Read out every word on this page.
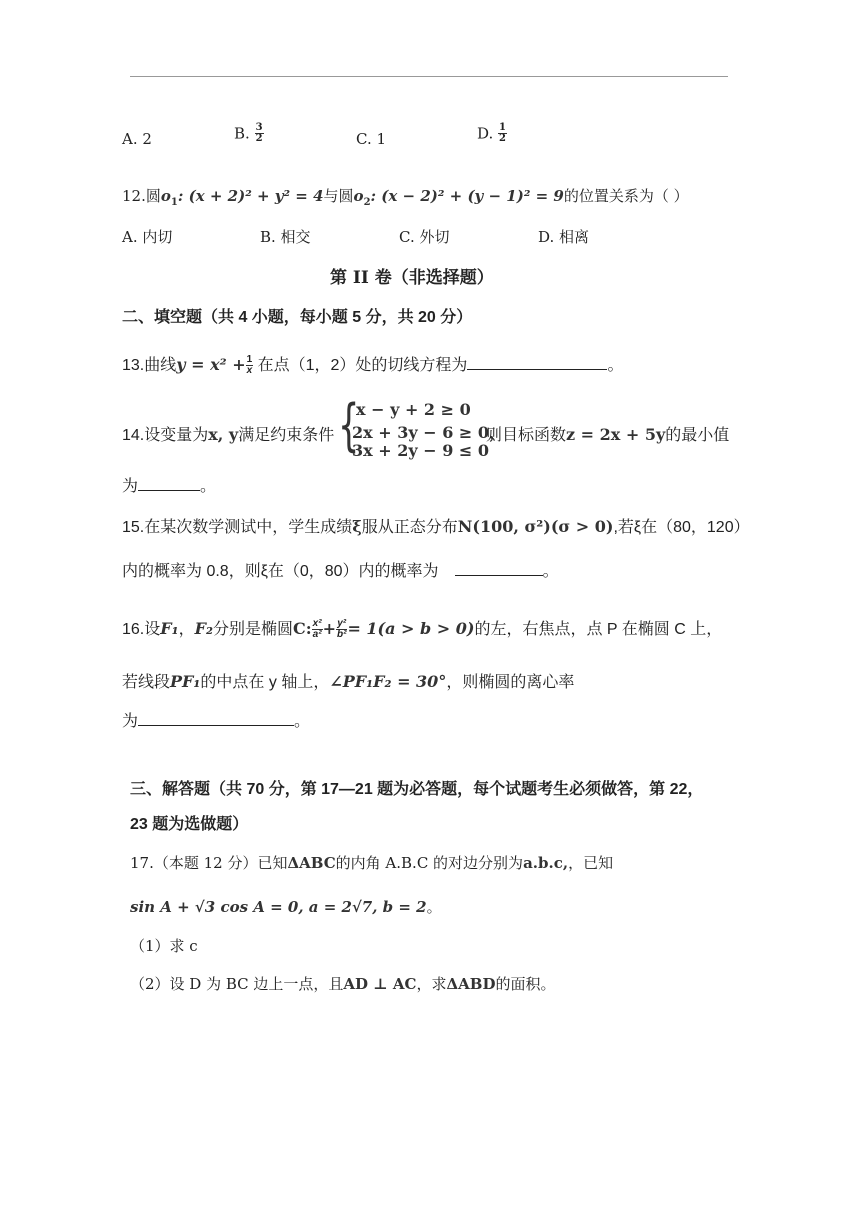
A. 2	B. $\frac{3}{2}$	C. 1	D. $\frac{1}{2}$
12.圆$o_1$: (x + 2)² + y² = 4与圆$o_2$: (x − 2)² + (y − 1)² = 9的位置关系为（ ）
A. 内切	B. 相交	C. 外切	D. 相离
第 II 卷（非选择题）
二、填空题（共 4 小题，每小题 5 分，共 20 分）
13.曲线$y = x^2 + \frac{1}{x}$ 在点（1，2）处的切线方程为	。
14.设变量为x, y满足约束条件 {
x − y + 2 ≥ 0
2x + 3y − 6 ≥ 0，
3x + 2y − 9 ≤ 0
则目标函数z = 2x + 5y的最小值
为	。
15.在某次数学测试中，学生成绩ξ服从正态分布N(100, σ²)(σ > 0),若ξ在（80，120）
内的概率为 0.8，则ξ在（0，80）内的概率为	。
16.设F₁，F₂分别是椭圆C: $\frac{\text{x²}}{\text{a²}} + \frac{\text{y²}}{\text{b²}} = 1(a > b > 0)$的左，右焦点，点 P 在椭圆 C 上，
若线段PF₁的中点在 y 轴上，∠PF₁F₂ = 30°，则椭圆的离心率
为	。
三、解答题（共 70 分，第 17—21 题为必答题，每个试题考生必须做答，第 22，
23 题为选做题）
17.（本题 12 分）已知ΔABC的内角 A.B.C 的对边分别为a.b.c,，已知
sin A + √3 cos A = 0, a = 2√7, b = 2。
（1）求 c
（2）设 D 为 BC 边上一点，且AD ⊥ AC，求ΔABD的面积。
